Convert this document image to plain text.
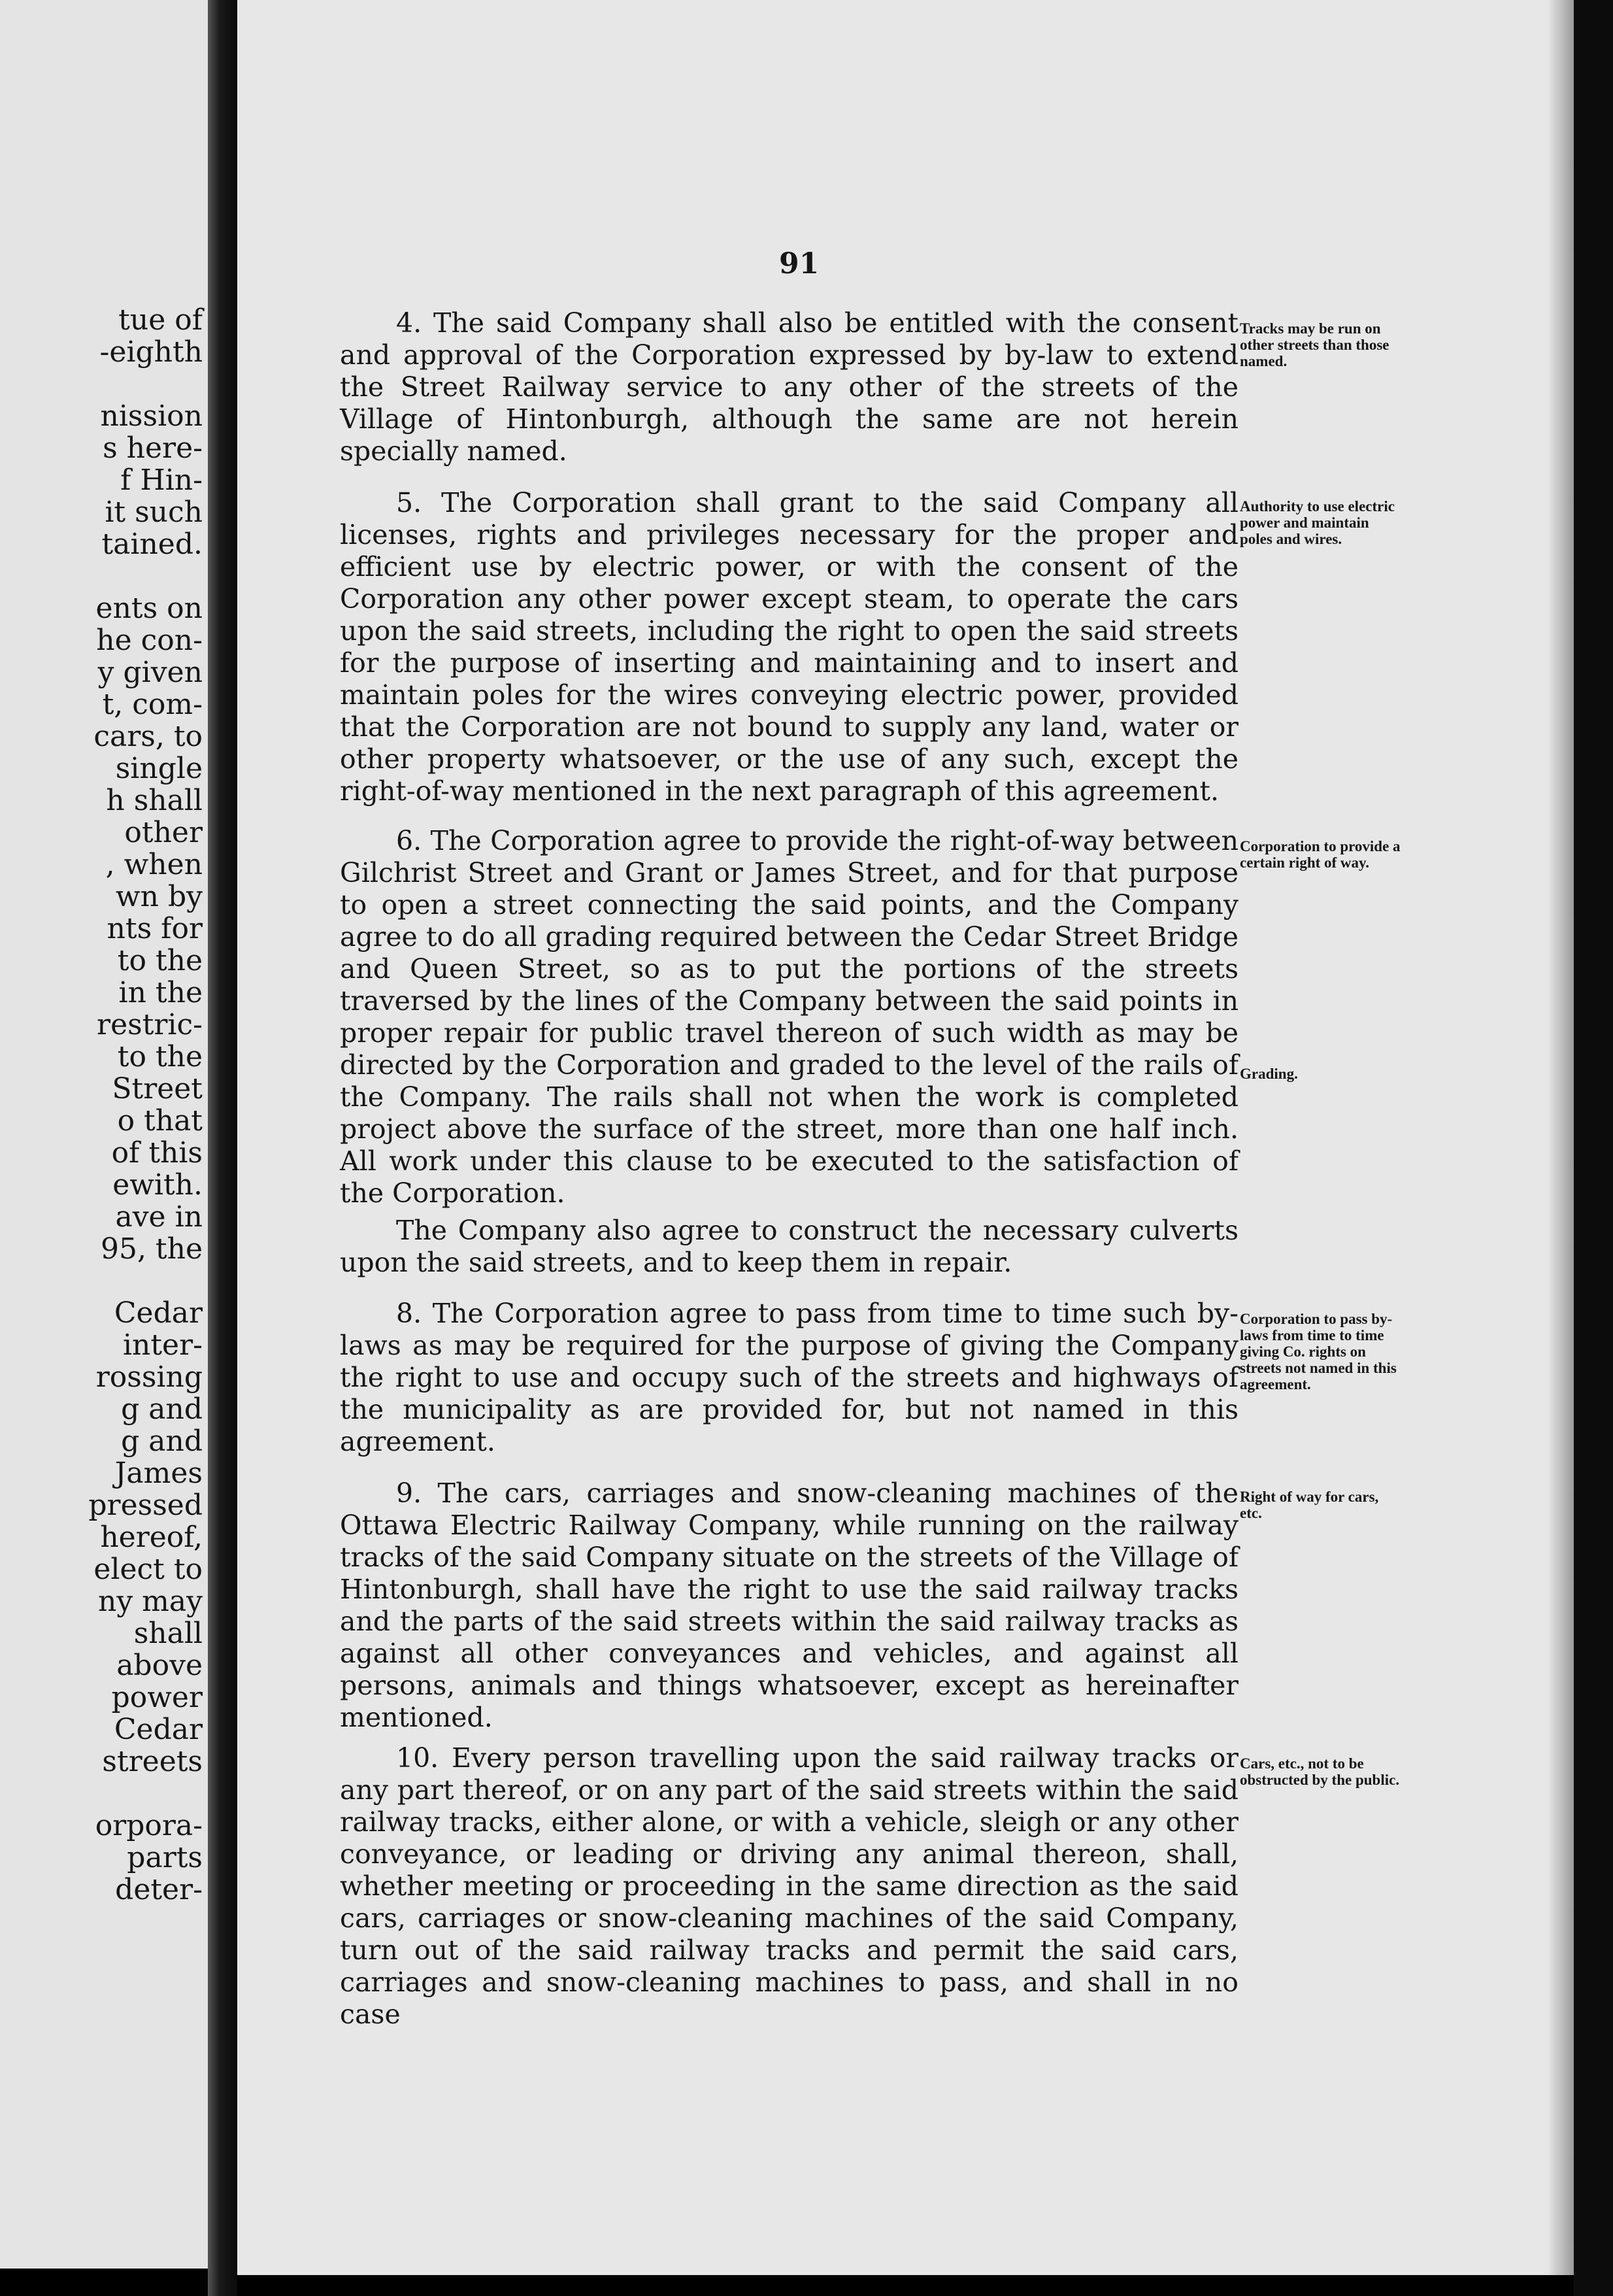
tue of
-eighth
nission
s here-
f Hin-
it such
tained.
ents on
he con-
y given
t, com-
cars, to
single
h shall
other
, when
wn by
nts for
to the
in the
restric-
to the
Street
o that
of this
ewith.
ave in
95, the
Cedar
inter-
rossing
g and
g and
James
pressed
hereof,
elect to
ny may
shall
above
power
Cedar
streets
orpora-
parts
deter-
91
4. The said Company shall also be entitled with the consent and approval of the Corporation expressed by by-law to extend the Street Railway service to any other of the streets of the Village of Hintonburgh, although the same are not herein specially named.
5. The Corporation shall grant to the said Company all licenses, rights and privileges necessary for the proper and efficient use by electric power, or with the consent of the Corporation any other power except steam, to operate the cars upon the said streets, including the right to open the said streets for the purpose of inserting and maintaining and to insert and maintain poles for the wires conveying electric power, provided that the Corporation are not bound to supply any land, water or other property whatsoever, or the use of any such, except the right-of-way mentioned in the next paragraph of this agreement.
6. The Corporation agree to provide the right-of-way between Gilchrist Street and Grant or James Street, and for that purpose to open a street connecting the said points, and the Company agree to do all grading required between the Cedar Street Bridge and Queen Street, so as to put the portions of the streets traversed by the lines of the Company between the said points in proper repair for public travel thereon of such width as may be directed by the Corporation and graded to the level of the rails of the Company. The rails shall not when the work is completed project above the surface of the street, more than one half inch. All work under this clause to be executed to the satisfaction of the Corporation.
The Company also agree to construct the necessary culverts upon the said streets, and to keep them in repair.
8. The Corporation agree to pass from time to time such by-laws as may be required for the purpose of giving the Company the right to use and occupy such of the streets and highways of the municipality as are provided for, but not named in this agreement.
9. The cars, carriages and snow-cleaning machines of the Ottawa Electric Railway Company, while running on the railway tracks of the said Company situate on the streets of the Village of Hintonburgh, shall have the right to use the said railway tracks and the parts of the said streets within the said railway tracks as against all other conveyances and vehicles, and against all persons, animals and things whatsoever, except as hereinafter mentioned.
10. Every person travelling upon the said railway tracks or any part thereof, or on any part of the said streets within the said railway tracks, either alone, or with a vehicle, sleigh or any other conveyance, or leading or driving any animal thereon, shall, whether meeting or proceeding in the same direction as the said cars, carriages or snow-cleaning machines of the said Company, turn out of the said railway tracks and permit the said cars, carriages and snow-cleaning machines to pass, and shall in no case
Tracks may be run on other streets than those named.
Authority to use electric power and maintain poles and wires.
Corporation to provide a certain right of way.
Grading.
Corporation to pass by-laws from time to time giving Co. rights on streets not named in this agreement.
Right of way for cars, etc.
Cars, etc., not to be obstructed by the public.
